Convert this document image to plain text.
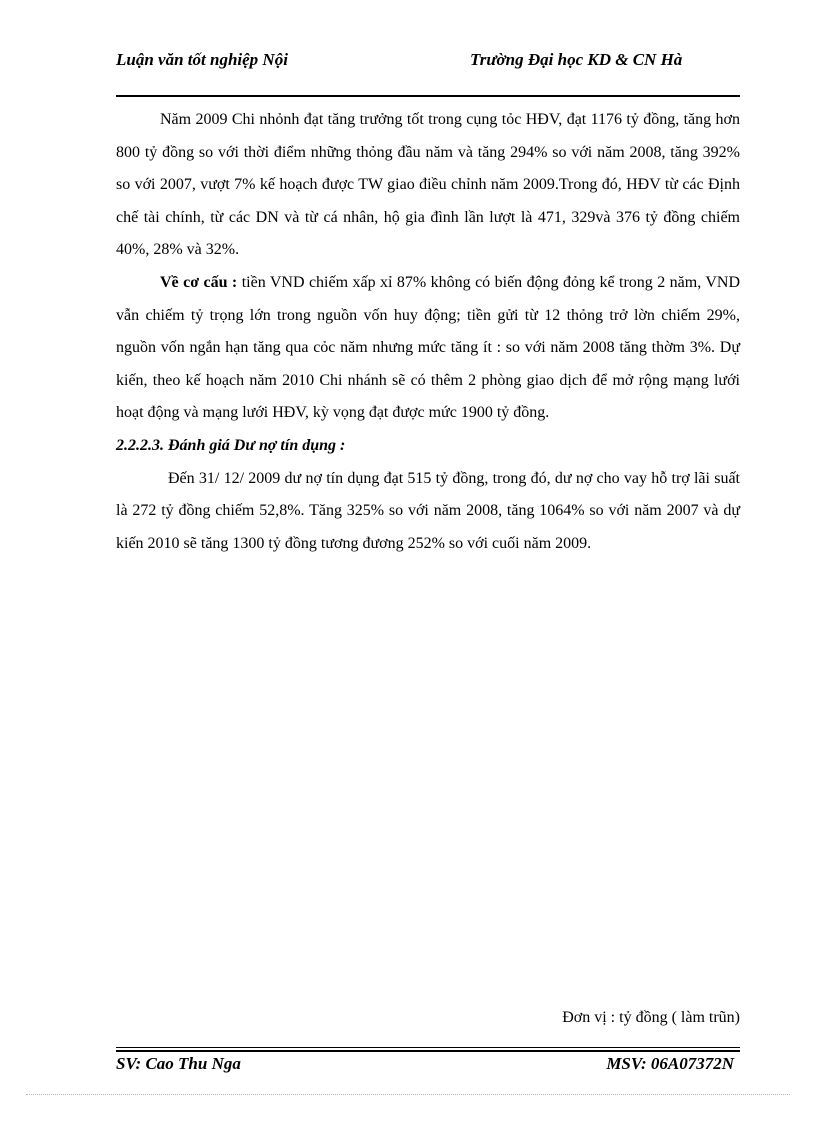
Luận văn tốt nghiệp Nội	Trường Đại học KD & CN Hà

Năm 2009 Chi nhỏnh đạt tăng trưởng tốt trong cụng tỏc HĐV, đạt 1176 tỷ đồng, tăng hơn 800 tỷ đồng so với thời điểm những thỏng đầu năm và tăng 294% so với năm 2008, tăng 392% so với 2007, vượt 7% kế hoạch được TW giao điều chỉnh năm 2009.Trong đó, HĐV từ các Định chế tài chính, từ các DN và từ cá nhân, hộ gia đình lần lượt là 471, 329và 376 tỷ đồng chiếm 40%, 28% và 32%.

Về cơ cấu : tiền VND chiếm xấp xỉ 87% không có biến động đỏng kể trong 2 năm, VND vẫn chiếm tỷ trọng lớn trong nguồn vốn huy động; tiền gửi từ 12 thỏng trở lờn chiếm 29%, nguồn vốn ngắn hạn tăng qua cỏc năm nhưng mức tăng ít : so với năm 2008 tăng thờm 3%. Dự kiến, theo kế hoạch năm 2010 Chi nhánh sẽ có thêm 2 phòng giao dịch để mở rộng mạng lưới hoạt động và mạng lưới HĐV, kỳ vọng đạt được mức 1900 tỷ đồng.

2.2.2.3. Đánh giá Dư nợ tín dụng :

Đến 31/ 12/ 2009 dư nợ tín dụng đạt 515 tỷ đồng, trong đó, dư nợ cho vay hỗ trợ lãi suất là 272 tỷ đồng chiếm 52,8%. Tăng 325% so với năm 2008, tăng 1064% so với năm 2007 và dự kiến 2010 sẽ tăng 1300 tỷ đồng tương đương 252% so với cuối năm 2009.

Đơn vị : tỷ đồng ( làm trũn)
SV: Cao Thu Nga	MSV: 06A07372N
